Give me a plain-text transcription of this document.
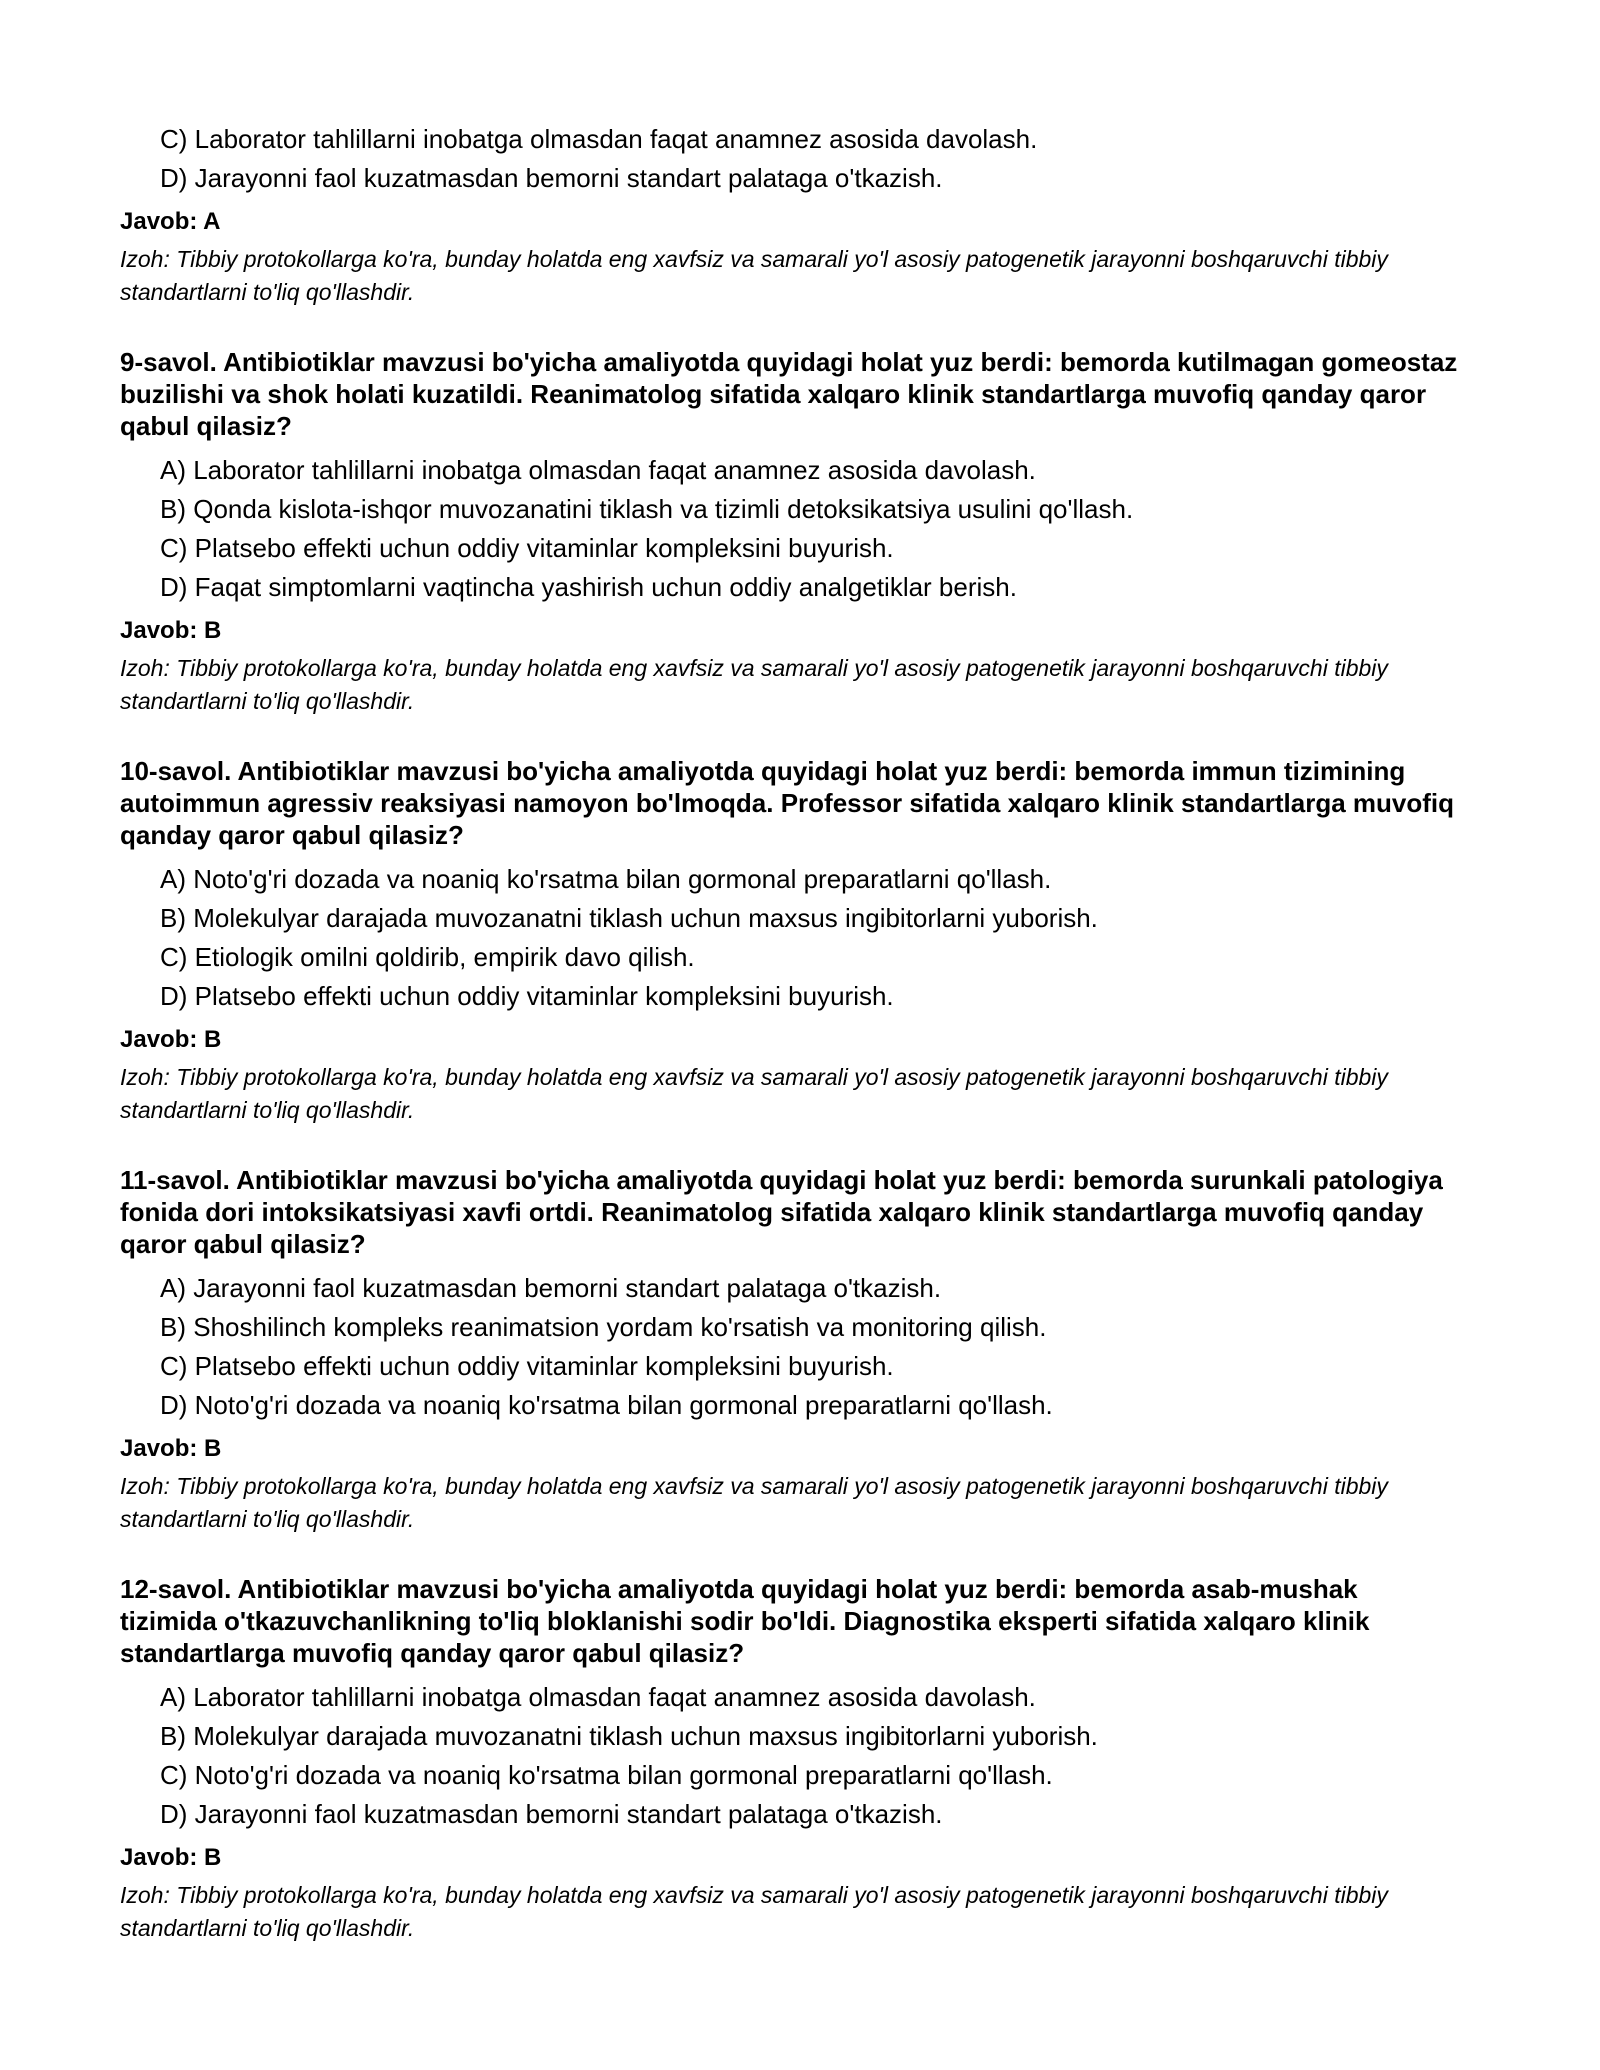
C) Laborator tahlillarni inobatga olmasdan faqat anamnez asosida davolash.
D) Jarayonni faol kuzatmasdan bemorni standart palataga o'tkazish.
Javob: A
Izoh: Tibbiy protokollarga ko'ra, bunday holatda eng xavfsiz va samarali yo'l asosiy patogenetik jarayonni boshqaruvchi tibbiy standartlarni to'liq qo'llashdir.
9-savol. Antibiotiklar mavzusi bo'yicha amaliyotda quyidagi holat yuz berdi: bemorda kutilmagan gomeostaz buzilishi va shok holati kuzatildi. Reanimatolog sifatida xalqaro klinik standartlarga muvofiq qanday qaror qabul qilasiz?
A) Laborator tahlillarni inobatga olmasdan faqat anamnez asosida davolash.
B) Qonda kislota-ishqor muvozanatini tiklash va tizimli detoksikatsiya usulini qo'llash.
C) Platsebo effekti uchun oddiy vitaminlar kompleksini buyurish.
D) Faqat simptomlarni vaqtincha yashirish uchun oddiy analgetiklar berish.
Javob: B
Izoh: Tibbiy protokollarga ko'ra, bunday holatda eng xavfsiz va samarali yo'l asosiy patogenetik jarayonni boshqaruvchi tibbiy standartlarni to'liq qo'llashdir.
10-savol. Antibiotiklar mavzusi bo'yicha amaliyotda quyidagi holat yuz berdi: bemorda immun tizimining autoimmun agressiv reaksiyasi namoyon bo'lmoqda. Professor sifatida xalqaro klinik standartlarga muvofiq qanday qaror qabul qilasiz?
A) Noto'g'ri dozada va noaniq ko'rsatma bilan gormonal preparatlarni qo'llash.
B) Molekulyar darajada muvozanatni tiklash uchun maxsus ingibitorlarni yuborish.
C) Etiologik omilni qoldirib, empirik davo qilish.
D) Platsebo effekti uchun oddiy vitaminlar kompleksini buyurish.
Javob: B
Izoh: Tibbiy protokollarga ko'ra, bunday holatda eng xavfsiz va samarali yo'l asosiy patogenetik jarayonni boshqaruvchi tibbiy standartlarni to'liq qo'llashdir.
11-savol. Antibiotiklar mavzusi bo'yicha amaliyotda quyidagi holat yuz berdi: bemorda surunkali patologiya fonida dori intoksikatsiyasi xavfi ortdi. Reanimatolog sifatida xalqaro klinik standartlarga muvofiq qanday qaror qabul qilasiz?
A) Jarayonni faol kuzatmasdan bemorni standart palataga o'tkazish.
B) Shoshilinch kompleks reanimatsion yordam ko'rsatish va monitoring qilish.
C) Platsebo effekti uchun oddiy vitaminlar kompleksini buyurish.
D) Noto'g'ri dozada va noaniq ko'rsatma bilan gormonal preparatlarni qo'llash.
Javob: B
Izoh: Tibbiy protokollarga ko'ra, bunday holatda eng xavfsiz va samarali yo'l asosiy patogenetik jarayonni boshqaruvchi tibbiy standartlarni to'liq qo'llashdir.
12-savol. Antibiotiklar mavzusi bo'yicha amaliyotda quyidagi holat yuz berdi: bemorda asab-mushak tizimida o'tkazuvchanlikning to'liq bloklanishi sodir bo'ldi. Diagnostika eksperti sifatida xalqaro klinik standartlarga muvofiq qanday qaror qabul qilasiz?
A) Laborator tahlillarni inobatga olmasdan faqat anamnez asosida davolash.
B) Molekulyar darajada muvozanatni tiklash uchun maxsus ingibitorlarni yuborish.
C) Noto'g'ri dozada va noaniq ko'rsatma bilan gormonal preparatlarni qo'llash.
D) Jarayonni faol kuzatmasdan bemorni standart palataga o'tkazish.
Javob: B
Izoh: Tibbiy protokollarga ko'ra, bunday holatda eng xavfsiz va samarali yo'l asosiy patogenetik jarayonni boshqaruvchi tibbiy standartlarni to'liq qo'llashdir.
